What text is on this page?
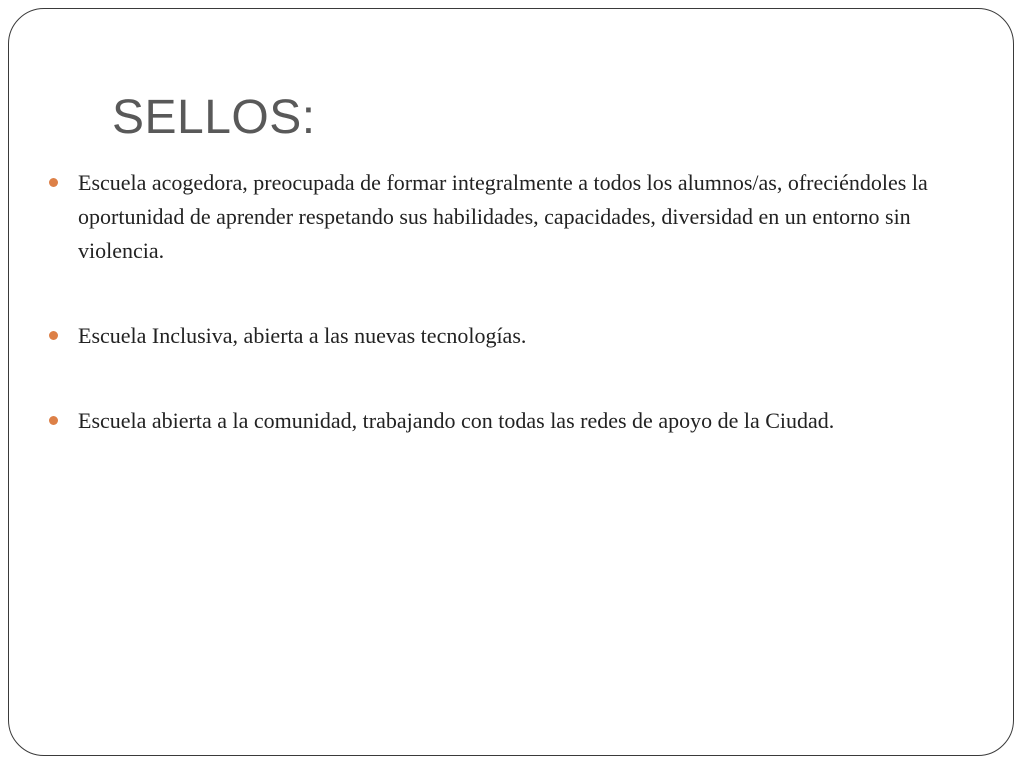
SELLOS:
Escuela acogedora, preocupada de formar integralmente a todos los alumnos/as, ofreciéndoles la oportunidad de aprender respetando sus habilidades, capacidades, diversidad en un entorno sin violencia.
Escuela Inclusiva, abierta a las nuevas tecnologías.
Escuela abierta a la comunidad, trabajando con todas las redes de apoyo de la Ciudad.
